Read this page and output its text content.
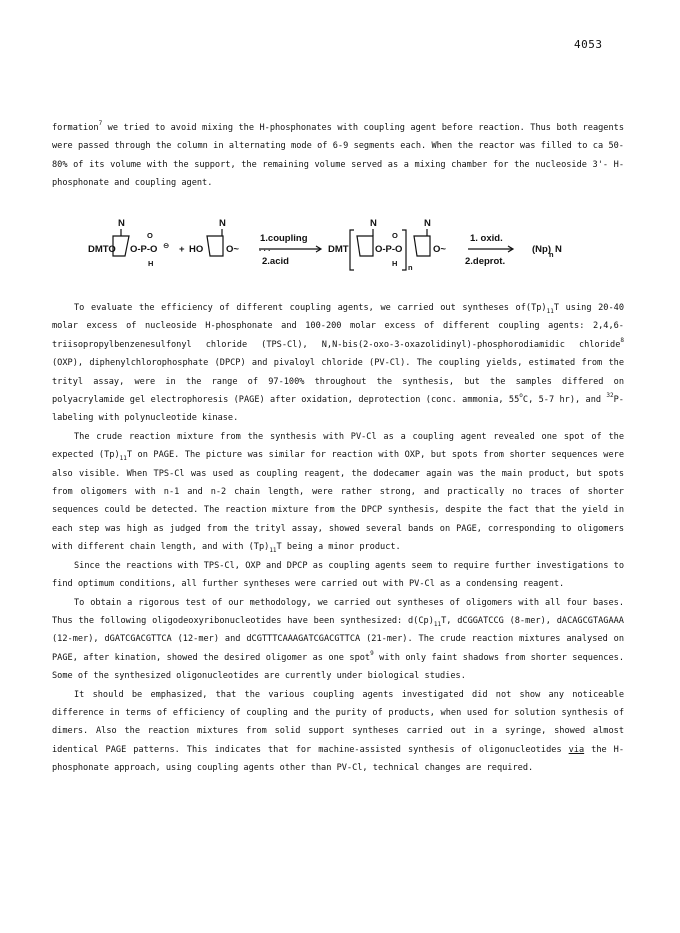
4053

formation$^7$ we tried to avoid mixing the H-phosphonates with coupling agent before reaction. Thus both reagents were passed through the column in alternating mode of 6-9 segments each. When the reactor was filled to ca 50-80% of its volume with the support, the remaining volume served as a mixing chamber for the nucleoside 3'- H-phosphonate and coupling agent.

N
DMTO O-P-O
O
H
⊖ + HO
N
O~
1.coupling
· · ·
2.acid
DMT
N
O-P-O
O
H n
N
O~
1. oxid.
2.deprot.
(Np)
n N

To evaluate the efficiency of different coupling agents, we carried out syntheses $of(Tp)_{11}T$ using 20-40 molar excess of nucleoside H-phosphonate and 100-200 molar excess of different coupling agents: 2,4,6-triisopropylbenzenesulfonyl chloride (TPS-Cl), N,N-bis(2-oxo-3-oxazolidinyl)-phosphorodiamidic chloride$^8$ (OXP), diphenylchlorophosphate (DPCP) and pivaloyl chloride (PV-Cl). The coupling yields, estimated from the trityl assay, were in the range of 97-100% throughout the synthesis, but the samples differed on polyacrylamide gel electrophoresis (PAGE) after oxidation, deprotection (conc. ammonia, 55$^o$C, 5-7 hr), and $^{32}$P-labeling with polynucleotide kinase.

The crude reaction mixture from the synthesis with PV-Cl as a coupling agent revealed one spot of the expected $(Tp)_{11}T$ on PAGE. The picture was similar for reaction with OXP, but spots from shorter sequences were also visible. When TPS-Cl was used as coupling reagent, the dodecamer again was the main product, but spots from oligomers with n-1 and n-2 chain length, were rather strong, and practically no traces of shorter sequences could be detected. The reaction mixture from the DPCP synthesis, despite the fact that the yield in each step was high as judged from the trityl assay, showed several bands on PAGE, corresponding to oligomers with different chain length, and with $(Tp)_{11}T$ being a minor product.

Since the reactions with TPS-Cl, OXP and DPCP as coupling agents seem to require further investigations to find optimum conditions, all further syntheses were carried out with PV-Cl as a condensing reagent.

To obtain a rigorous test of our methodology, we carried out syntheses of oligomers with all four bases. Thus the following oligodeoxyribonucleotides have been synthesized: $d(Cp)_{11}T$, dCGGATCCG (8-mer), dACAGCGTAGAAA (12-mer), dGATCGACGTTCA (12-mer) and dCGTTTCAAAGATCGACGTTCA (21-mer). The crude reaction mixtures analysed on PAGE, after kination, showed the desired oligomer as one spot$^9$ with only faint shadows from shorter sequences. Some of the synthesized oligonucleotides are currently under biological studies.

It should be emphasized, that the various coupling agents investigated did not show any noticeable difference in terms of efficiency of coupling and the purity of products, when used for solution synthesis of dimers. Also the reaction mixtures from solid support syntheses carried out in a syringe, showed almost identical PAGE patterns. This indicates that for machine-assisted synthesis of oligonucleotides via the H-phosphonate approach, using coupling agents other than PV-Cl, technical changes are required.
